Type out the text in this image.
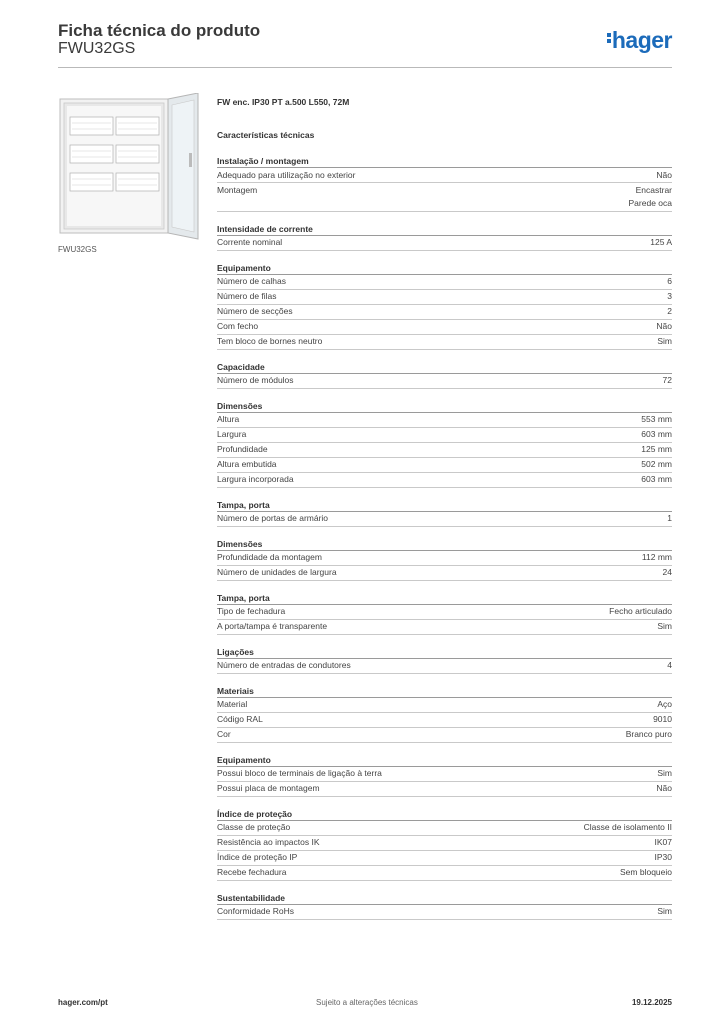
Ficha técnica do produto
FWU32GS	hager
FWU32GS
FW enc. IP30 PT a.500 L550, 72M
Características técnicas
Instalação / montagem
Adequado para utilização no exterior	Não
Montagem	Encastrar
Parede oca
Intensidade de corrente
Corrente nominal	125 A
Equipamento
Número de calhas	6
Número de filas	3
Número de secções	2
Com fecho	Não
Tem bloco de bornes neutro	Sim
Capacidade
Número de módulos	72
Dimensões
Altura	553 mm
Largura	603 mm
Profundidade	125 mm
Altura embutida	502 mm
Largura incorporada	603 mm
Tampa, porta
Número de portas de armário	1
Dimensões
Profundidade da montagem	112 mm
Número de unidades de largura	24
Tampa, porta
Tipo de fechadura	Fecho articulado
A porta/tampa é transparente	Sim
Ligações
Número de entradas de condutores	4
Materiais
Material	Aço
Código RAL	9010
Cor	Branco puro
Equipamento
Possui bloco de terminais de ligação à terra	Sim
Possui placa de montagem	Não
Índice de proteção
Classe de proteção	Classe de isolamento II
Resistência ao impactos IK	IK07
Índice de proteção IP	IP30
Recebe fechadura	Sem bloqueio
Sustentabilidade
Conformidade RoHs	Sim
hager.com/pt	Sujeito a alterações técnicas	19.12.2025
